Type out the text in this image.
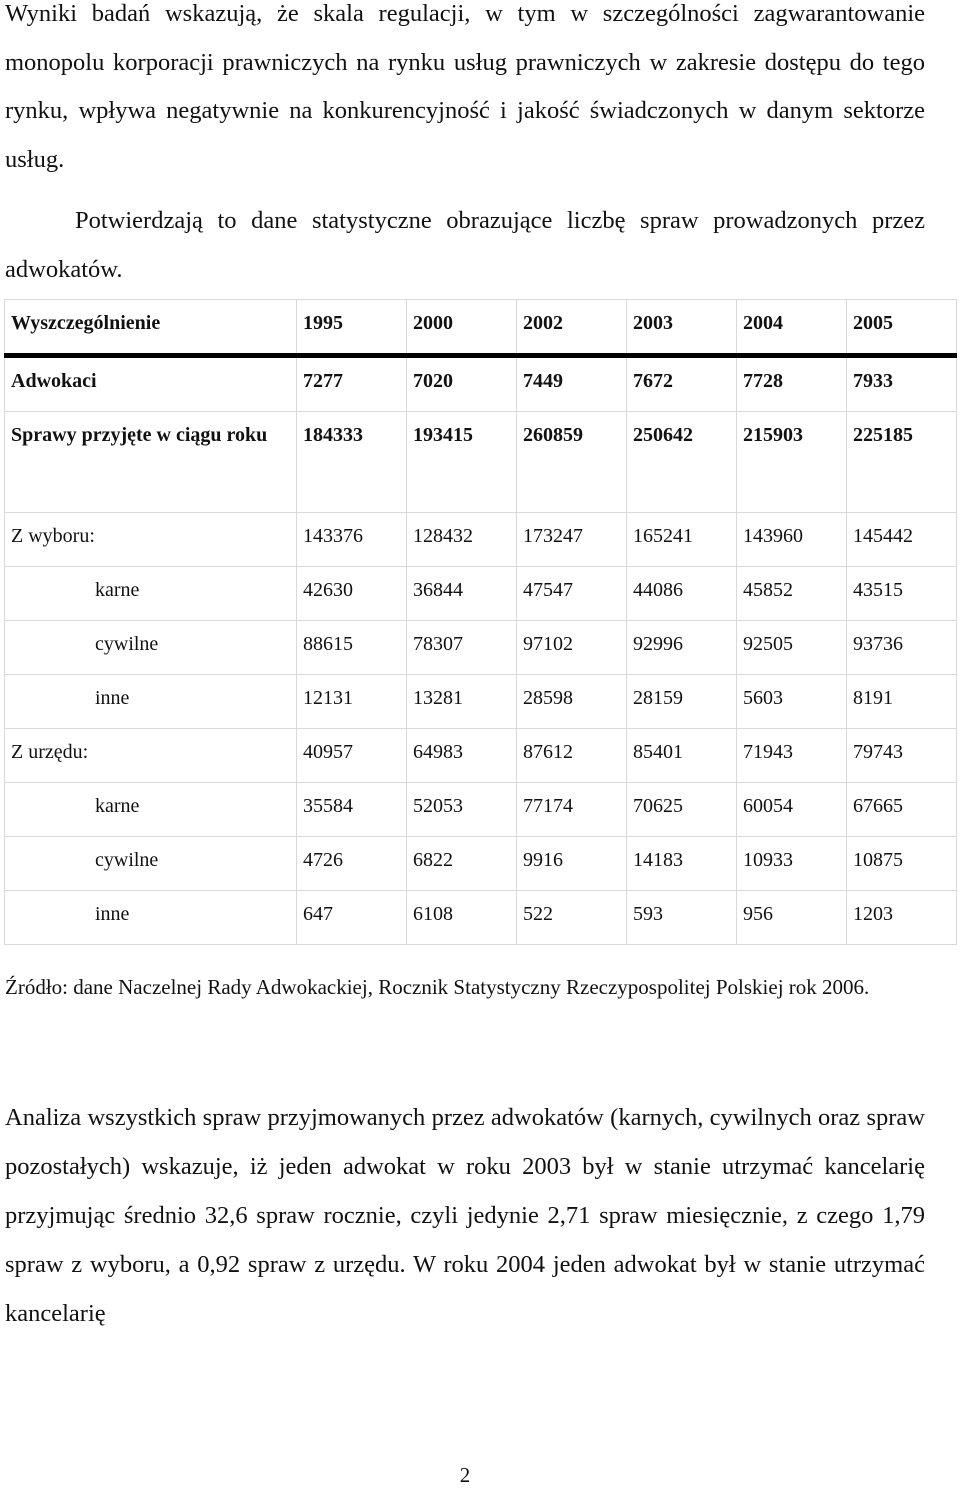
Wyniki badań wskazują, że skala regulacji, w tym w szczególności zagwarantowanie monopolu korporacji prawniczych na rynku usług prawniczych w zakresie dostępu do tego rynku, wpływa negatywnie na konkurencyjność i jakość świadczonych w danym sektorze usług.

Potwierdzają to dane statystyczne obrazujące liczbę spraw prowadzonych przez adwokatów.

Wyszczególnienie	1995	2000	2002	2003	2004	2005
Adwokaci	7277	7020	7449	7672	7728	7933
Sprawy przyjęte w ciągu roku	184333	193415	260859	250642	215903	225185
Z wyboru:	143376	128432	173247	165241	143960	145442
karne	42630	36844	47547	44086	45852	43515
cywilne	88615	78307	97102	92996	92505	93736
inne	12131	13281	28598	28159	5603	8191
Z urzędu:	40957	64983	87612	85401	71943	79743
karne	35584	52053	77174	70625	60054	67665
cywilne	4726	6822	9916	14183	10933	10875
inne	647	6108	522	593	956	1203

Źródło: dane Naczelnej Rady Adwokackiej, Rocznik Statystyczny Rzeczypospolitej Polskiej rok 2006.

Analiza wszystkich spraw przyjmowanych przez adwokatów (karnych, cywilnych oraz spraw pozostałych) wskazuje, iż jeden adwokat w roku 2003 był w stanie utrzymać kancelarię przyjmując średnio 32,6 spraw rocznie, czyli jedynie 2,71 spraw miesięcznie, z czego 1,79 spraw z wyboru, a 0,92 spraw z urzędu. W roku 2004 jeden adwokat był w stanie utrzymać kancelarię

2
